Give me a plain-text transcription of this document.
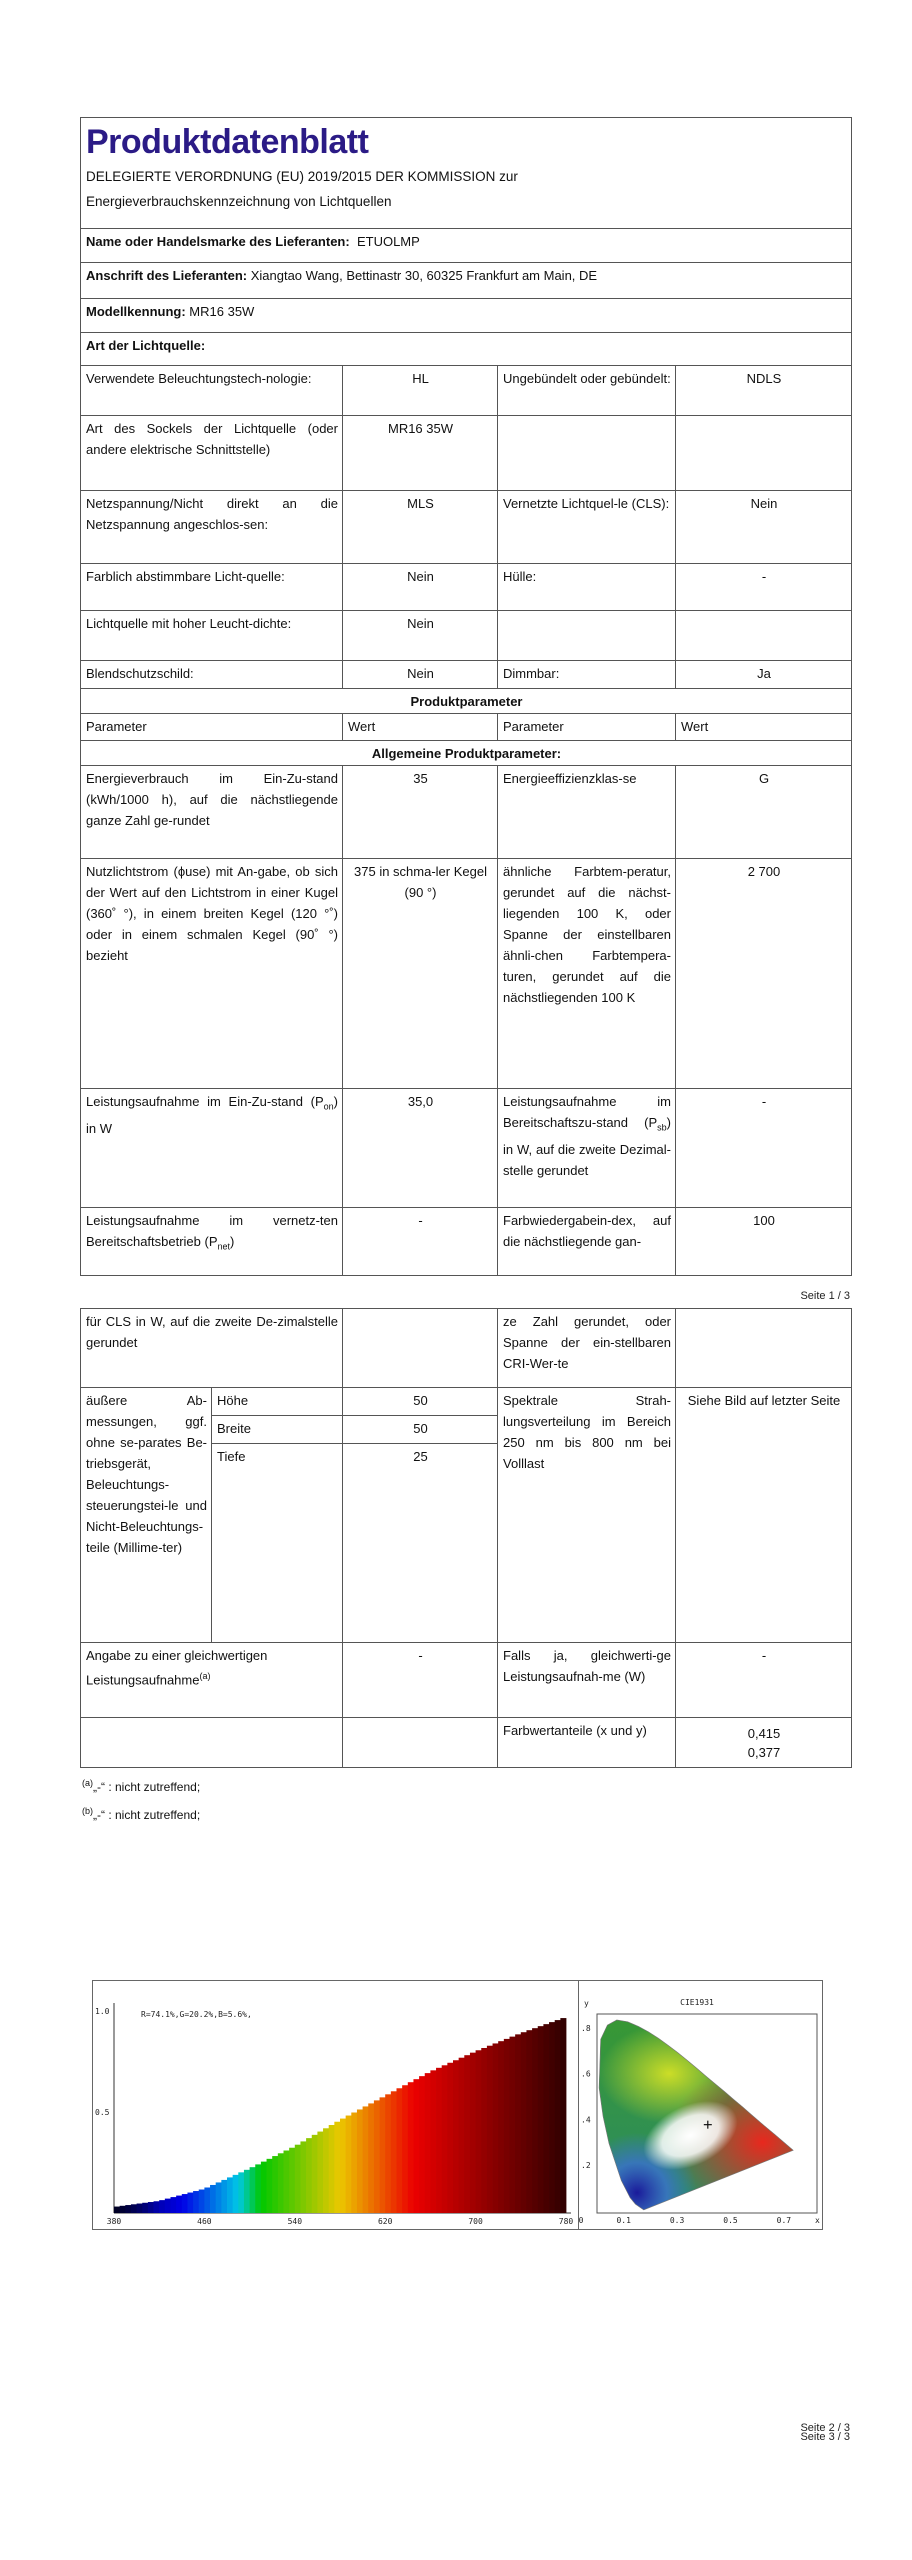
Produktdatenblatt
DELEGIERTE VERORDNUNG (EU) 2019/2015 DER KOMMISSION zur
Energieverbrauchskennzeichnung von Lichtquellen			

Name oder Handelsmarke des Lieferanten: ETUOLMP			
Anschrift des Lieferanten: Xiangtao Wang, Bettinastr 30, 60325 Frankfurt am Main, DE			
Modellkennung: MR16 35W			
Art der Lichtquelle:			
Verwendete Beleuchtungstech-nologie:	HL	Ungebündelt oder gebündelt:	NDLS
Art des Sockels der Lichtquelle (oder andere elektrische Schnittstelle)	MR16 35W		
Netzspannung/Nicht direkt an die Netzspannung angeschlos-sen:	MLS	Vernetzte Lichtquel-le (CLS):	Nein
Farblich abstimmbare Licht-quelle:	Nein	Hülle:	-
Lichtquelle mit hoher Leucht-dichte:	Nein		
Blendschutzschild:	Nein	Dimmbar:	Ja
Produktparameter			
Parameter	Wert	Parameter	Wert
Allgemeine Produktparameter:			
Energieverbrauch im Ein-Zu-stand (kWh/1000 h), auf die nächstliegende ganze Zahl ge-rundet	35	Energieeffizienzklas-se	G
Nutzlichtstrom (ϕuse) mit An-gabe, ob sich der Wert auf den Lichtstrom in einer Kugel (360˚ °), in einem breiten Kegel (120 °˚) oder in einem schmalen Kegel (90˚ °) bezieht	375 in schma-ler Kegel (90 °)	ähnliche Farbtem-peratur, gerundet auf die nächst-liegenden 100 K, oder Spanne der einstellbaren ähnli-chen Farbtempera-turen, gerundet auf die nächstliegenden 100 K	2 700
Leistungsaufnahme im Ein-Zu-stand $(P_{on})$ in W	35,0	Leistungsaufnahme im Bereitschaftszu-stand $(P_{sb})$ in W, auf die zweite Dezimal-stelle gerundet	-
Leistungsaufnahme im vernetz-ten Bereitschaftsbetrieb $(P_{net})$	-	Farbwiedergabein-dex, auf die nächstliegende gan-	100
Seite 1 / 3
für CLS in W, auf die zweite De-zimalstelle gerundet			ze Zahl gerundet, oder Spanne der ein-stellbaren CRI-Wer-te	
äußere Ab-messungen, ggf. ohne se-parates Be-triebsgerät, Beleuchtungs-steuerungstei-le und Nicht-Beleuchtungs-teile (Millime-ter)	Höhe	50	Spektrale Strah-lungsverteilung im Bereich 250 nm bis 800 nm bei Volllast	Siehe Bild auf letzter Seite
	Breite	50		
	Tiefe	25		
Angabe zu einer gleichwertigen Leistungsaufnahme$^{(a)}$		-	Falls ja, gleichwerti-ge Leistungsaufnah-me (W)	-
			Farbwertanteile (x und y)	0,415
0,377
$^{(a)}$„-“ : nicht zutreffend;
$^{(b)}$„-“ : nicht zutreffend;
R=74.1%,G=20.2%,B=5.6%,
380	460	540	620	700	780
0.5
1.0
0	0.1	0.3	0.5	0.7
.2
.4
.6
.8
CIE1931
y
x
Seite 2 / 3
Seite 3 / 3
